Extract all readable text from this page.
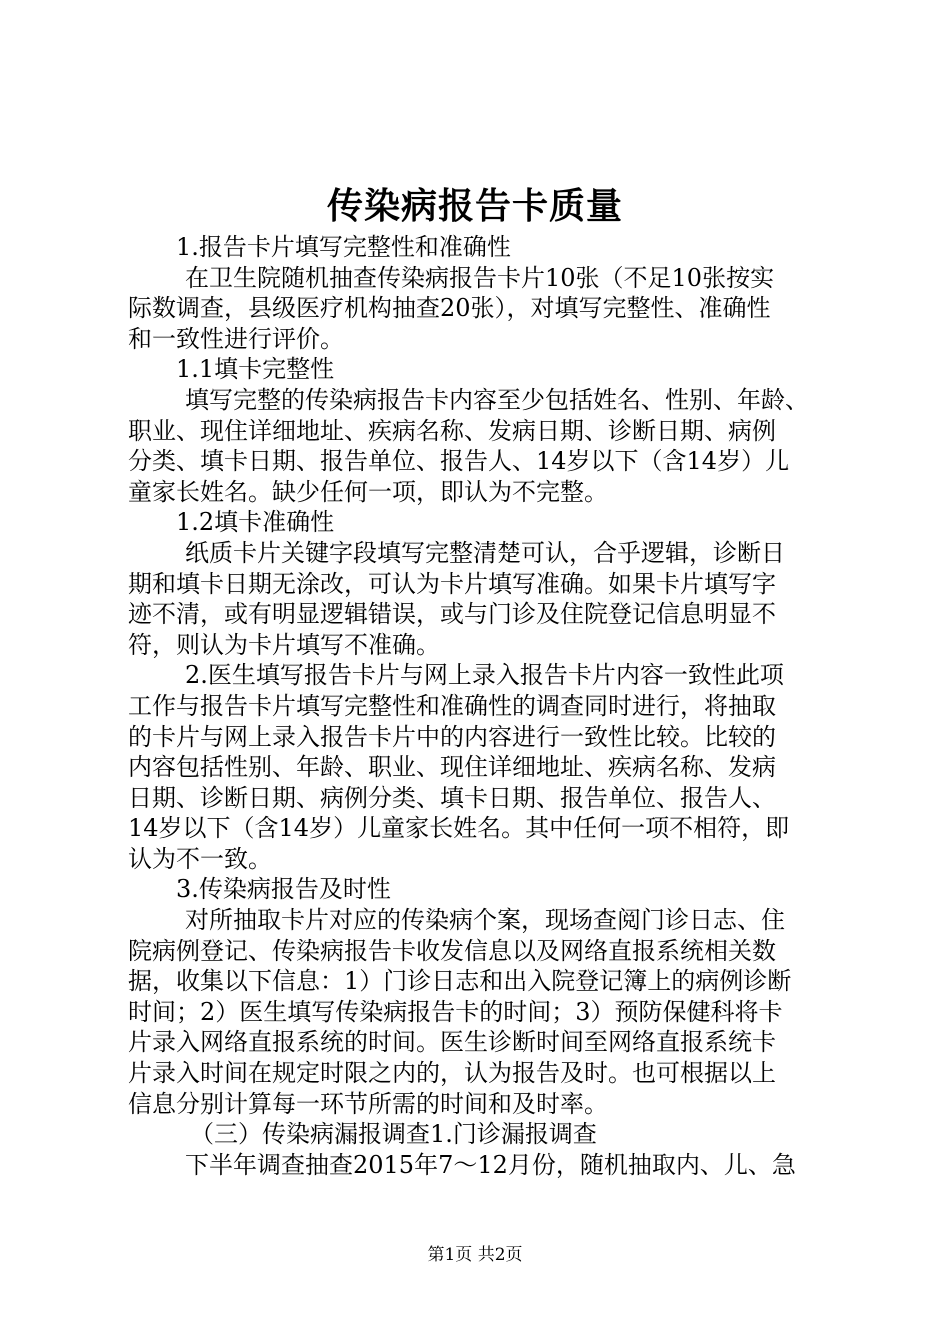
传染病报告卡质量
1.报告卡片填写完整性和准确性
在卫生院随机抽查传染病报告卡片10张（不足10张按实
际数调查，县级医疗机构抽查20张），对填写完整性、准确性
和一致性进行评价。
1.1填卡完整性
填写完整的传染病报告卡内容至少包括姓名、性别、年龄、
职业、现住详细地址、疾病名称、发病日期、诊断日期、病例
分类、填卡日期、报告单位、报告人、14岁以下（含14岁）儿
童家长姓名。缺少任何一项，即认为不完整。
1.2填卡准确性
纸质卡片关键字段填写完整清楚可认，合乎逻辑，诊断日
期和填卡日期无涂改，可认为卡片填写准确。如果卡片填写字
迹不清，或有明显逻辑错误，或与门诊及住院登记信息明显不
符，则认为卡片填写不准确。
2.医生填写报告卡片与网上录入报告卡片内容一致性此项
工作与报告卡片填写完整性和准确性的调查同时进行，将抽取
的卡片与网上录入报告卡片中的内容进行一致性比较。比较的
内容包括性别、年龄、职业、现住详细地址、疾病名称、发病
日期、诊断日期、病例分类、填卡日期、报告单位、报告人、
14岁以下（含14岁）儿童家长姓名。其中任何一项不相符，即
认为不一致。
3.传染病报告及时性
对所抽取卡片对应的传染病个案，现场查阅门诊日志、住
院病例登记、传染病报告卡收发信息以及网络直报系统相关数
据，收集以下信息：1）门诊日志和出入院登记簿上的病例诊断
时间；2）医生填写传染病报告卡的时间；3）预防保健科将卡
片录入网络直报系统的时间。医生诊断时间至网络直报系统卡
片录入时间在规定时限之内的，认为报告及时。也可根据以上
信息分别计算每一环节所需的时间和及时率。
（三）传染病漏报调查1.门诊漏报调查
下半年调查抽查2015年7～12月份，随机抽取内、儿、急
第1页 共2页
